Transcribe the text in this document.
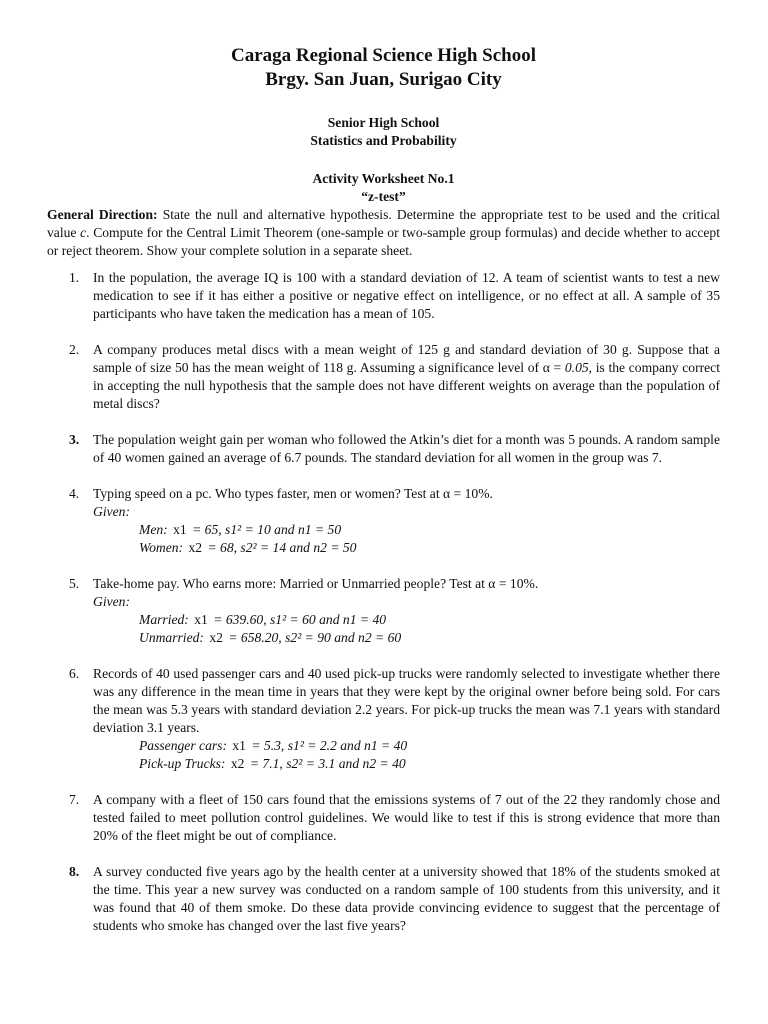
Caraga Regional Science High School

Brgy. San Juan, Surigao City

Senior High School

Statistics and Probability

Activity Worksheet No.1

“z-test”

General Direction: State the null and alternative hypothesis. Determine the appropriate test to be used and the critical value c. Compute for the Central Limit Theorem (one-sample or two-sample group formulas) and decide whether to accept or reject theorem. Show your complete solution in a separate sheet.

1.	In the population, the average IQ is 100 with a standard deviation of 12. A team of scientist wants to test a new medication to see if it has either a positive or negative effect on intelligence, or no effect at all. A sample of 35 participants who have taken the medication has a mean of 105.
2.	A company produces metal discs with a mean weight of 125 g and standard deviation of 30 g. Suppose that a sample of size 50 has the mean weight of 118 g. Assuming a significance level of α = 0.05, is the company correct in accepting the null hypothesis that the sample does not have different weights on average than the population of metal discs?
3.	The population weight gain per woman who followed the Atkin’s diet for a month was 5 pounds. A random sample of 40 women gained an average of 6.7 pounds. The standard deviation for all women in the group was 7.
4.	Typing speed on a pc. Who types faster, men or women? Test at α = 10%.
Given:
Men: x1 = 65, s1² = 10 and n1 = 50
Women: x2 = 68, s2² = 14 and n2 = 50
5.	Take-home pay. Who earns more: Married or Unmarried people? Test at α = 10%.
Given:
Married: x1 = 639.60, s1² = 60 and n1 = 40
Unmarried: x2 = 658.20, s2² = 90 and n2 = 60
6.	Records of 40 used passenger cars and 40 used pick-up trucks were randomly selected to investigate whether there was any difference in the mean time in years that they were kept by the original owner before being sold. For cars the mean was 5.3 years with standard deviation 2.2 years. For pick-up trucks the mean was 7.1 years with standard deviation 3.1 years.
Passenger cars: x1 = 5.3, s1² = 2.2 and n1 = 40
Pick-up Trucks: x2 = 7.1, s2² = 3.1 and n2 = 40
7.	A company with a fleet of 150 cars found that the emissions systems of 7 out of the 22 they randomly chose and tested failed to meet pollution control guidelines. We would like to test if this is strong evidence that more than 20% of the fleet might be out of compliance.
8.	A survey conducted five years ago by the health center at a university showed that 18% of the students smoked at the time. This year a new survey was conducted on a random sample of 100 students from this university, and it was found that 40 of them smoke. Do these data provide convincing evidence to suggest that the percentage of students who smoke has changed over the last five years?
